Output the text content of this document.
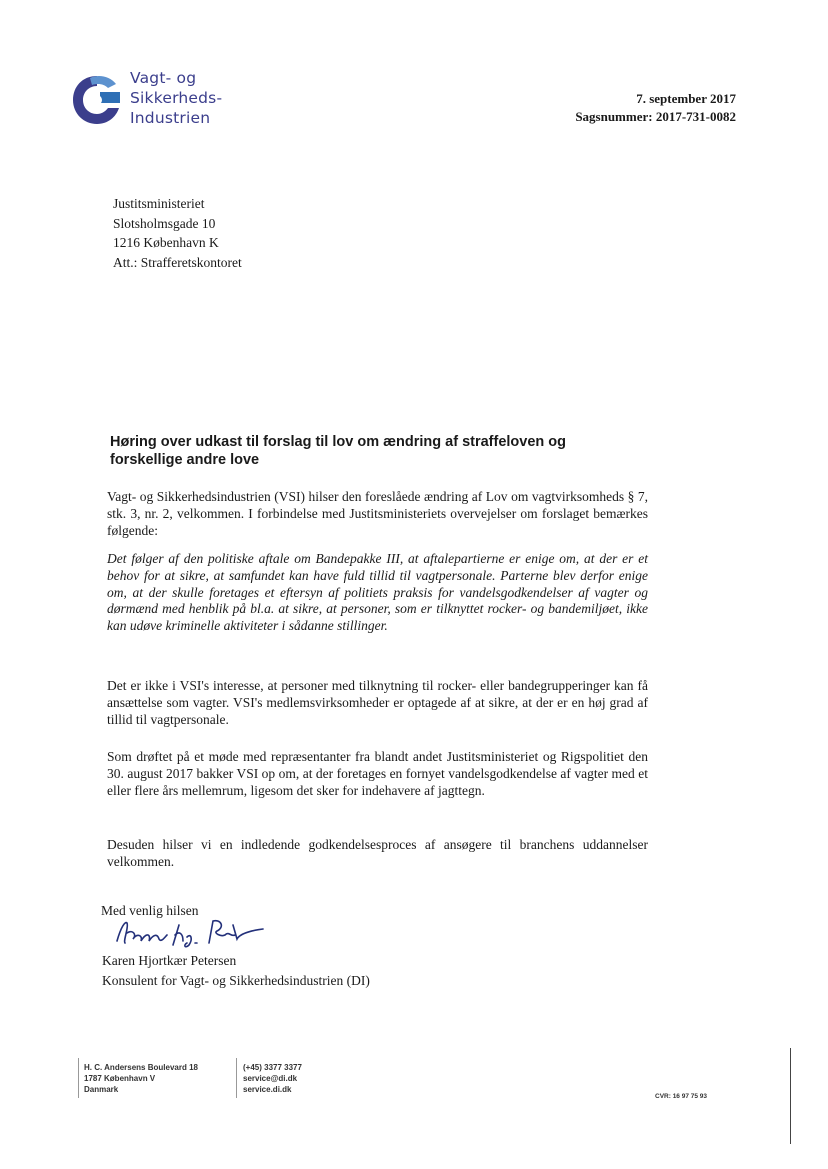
Vagt- og
Sikkerheds-
Industrien
7. september 2017
Sagsnummer: 2017-731-0082
Justitsministeriet
Slotsholmsgade 10
1216 København K
Att.: Strafferetskontoret
Høring over udkast til forslag til lov om ændring af straffeloven og forskellige andre love
Vagt- og Sikkerhedsindustrien (VSI) hilser den foreslåede ændring af Lov om vagtvirksomheds § 7, stk. 3, nr. 2, velkommen. I forbindelse med Justitsministeriets overvejelser om forslaget bemærkes følgende:
Det følger af den politiske aftale om Bandepakke III, at aftalepartierne er enige om, at der er et behov for at sikre, at samfundet kan have fuld tillid til vagtpersonale. Parterne blev derfor enige om, at der skulle foretages et eftersyn af politiets praksis for vandelsgodkendelser af vagter og dørmænd med henblik på bl.a. at sikre, at personer, som er tilknyttet rocker- og bandemiljøet, ikke kan udøve kriminelle aktiviteter i sådanne stillinger.
Det er ikke i VSI's interesse, at personer med tilknytning til rocker- eller bandegrupperinger kan få ansættelse som vagter. VSI's medlemsvirksomheder er optagede af at sikre, at der er en høj grad af tillid til vagtpersonale.
Som drøftet på et møde med repræsentanter fra blandt andet Justitsministeriet og Rigspolitiet den 30. august 2017 bakker VSI op om, at der foretages en fornyet vandelsgodkendelse af vagter med et eller flere års mellemrum, ligesom det sker for indehavere af jagttegn.
Desuden hilser vi en indledende godkendelsesproces af ansøgere til branchens uddannelser velkommen.
Med venlig hilsen
Karen Hjortkær Petersen
Konsulent for Vagt- og Sikkerhedsindustrien (DI)
H. C. Andersens Boulevard 18
1787 København V
Danmark
(+45) 3377 3377
service@di.dk
service.di.dk
CVR: 16 97 75 93
